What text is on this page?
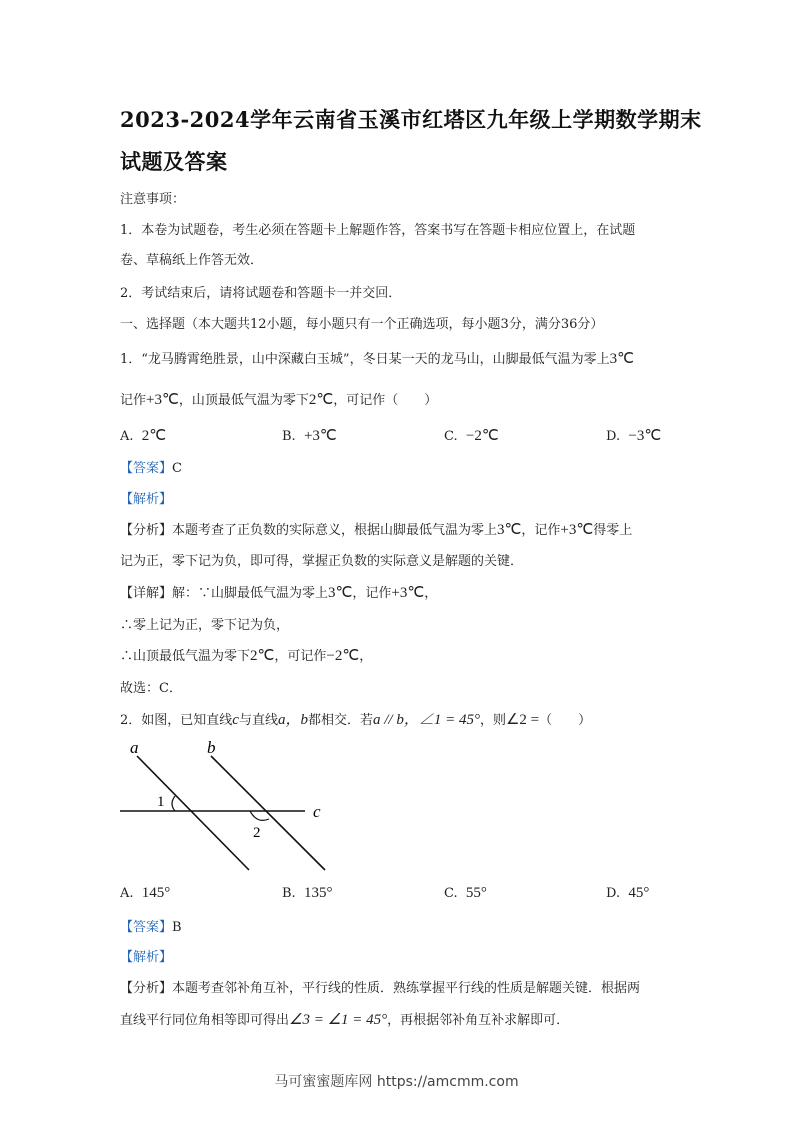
2023-2024学年云南省玉溪市红塔区九年级上学期数学期末
试题及答案
注意事项：
1．本卷为试题卷，考生必须在答题卡上解题作答，答案书写在答题卡相应位置上，在试题
卷、草稿纸上作答无效．
2．考试结束后，请将试题卷和答题卡一并交回．
一、选择题（本大题共12小题，每小题只有一个正确选项，每小题3分，满分36分）
1．“龙马腾霄绝胜景，山中深藏白玉城”，冬日某一天的龙马山，山脚最低气温为零上3℃
记作+3℃，山顶最低气温为零下2℃，可记作（　　）
A. 2℃	B. +3℃	C. −2℃	D. −3℃
【答案】C
【解析】
【分析】本题考查了正负数的实际意义，根据山脚最低气温为零上3℃，记作+3℃得零上
记为正，零下记为负，即可得，掌握正负数的实际意义是解题的关键．
【详解】解：∵山脚最低气温为零上3℃，记作+3℃，
∴零上记为正，零下记为负，
∴山顶最低气温为零下2℃，可记作−2℃，
故选：C．
2．如图，已知直线c与直线a，b都相交．若a // b，∠1 = 45°，则∠2 =（　　）
a	b
c
1
2
A. 145°	B. 135°	C. 55°	D. 45°
【答案】B
【解析】
【分析】本题考查邻补角互补，平行线的性质．熟练掌握平行线的性质是解题关键．根据两
直线平行同位角相等即可得出∠3 = ∠1 = 45°，再根据邻补角互补求解即可．
马可蜜蜜题库网 https://amcmm.com
